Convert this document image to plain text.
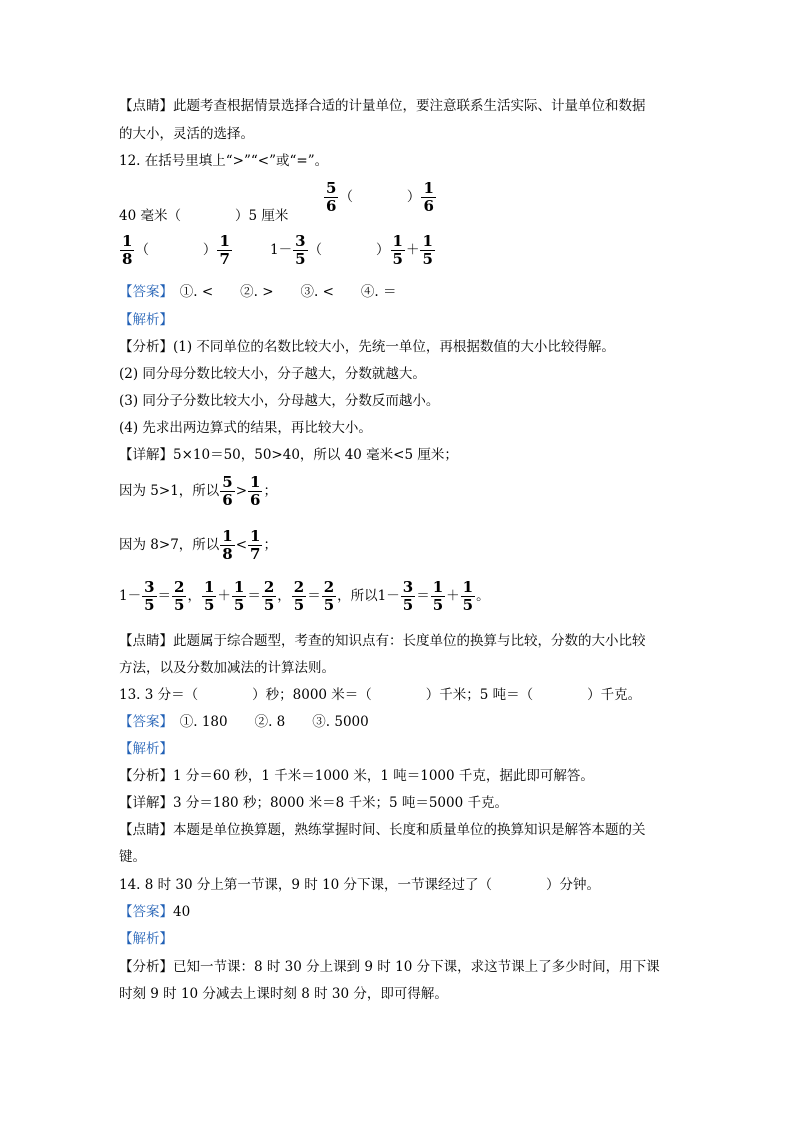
【点睛】此题考查根据情景选择合适的计量单位，要注意联系生活实际、计量单位和数据
的大小，灵活的选择。
12. 在括号里填上“>”“<”或“=”。
40 毫米（　　　　）5 厘米
$\frac{5}{6}$ （　　　　） $\frac{1}{6}$
$\frac{1}{8}$ （　　　　） $\frac{1}{7}$	$1- \frac{3}{5}$ （　　　　） $\frac{1}{5} + \frac{1}{5}$
【答案】　 ①. <　　②. >　　③. <　　④. ＝
【解析】
【分析】(1) 不同单位的名数比较大小，先统一单位，再根据数值的大小比较得解。
(2) 同分母分数比较大小，分子越大，分数就越大。
(3) 同分子分数比较大小，分母越大，分数反而越小。
(4) 先求出两边算式的结果，再比较大小。
【详解】5×10＝50，50>40，所以 40 毫米<5 厘米；
因为 5>1，所以 $\frac{5}{6} > \frac{1}{6}$ ；
因为 8>7，所以 $\frac{1}{8} < \frac{1}{7}$ ；
$1- \frac{3}{5} = \frac{2}{5}$ ， $\frac{1}{5} + \frac{1}{5} = \frac{2}{5}$ ， $\frac{2}{5} = \frac{2}{5}$ ，所以$1- \frac{3}{5} = \frac{1}{5} + \frac{1}{5}$ 。
【点睛】此题属于综合题型，考查的知识点有：长度单位的换算与比较，分数的大小比较
方法，以及分数加减法的计算法则。
13. 3 分＝（　　　　）秒；8000 米＝（　　　　）千米；5 吨＝（　　　　）千克。
【答案】　 ①. 180　　②. 8　　③. 5000
【解析】
【分析】1 分＝60 秒，1 千米＝1000 米，1 吨＝1000 千克，据此即可解答。
【详解】3 分＝180 秒；8000 米＝8 千米；5 吨＝5000 千克。
【点睛】本题是单位换算题，熟练掌握时间、长度和质量单位的换算知识是解答本题的关
键。
14. 8 时 30 分上第一节课，9 时 10 分下课，一节课经过了（　　　　）分钟。
【答案】40
【解析】
【分析】已知一节课：8 时 30 分上课到 9 时 10 分下课，求这节课上了多少时间，用下课
时刻 9 时 10 分减去上课时刻 8 时 30 分，即可得解。
